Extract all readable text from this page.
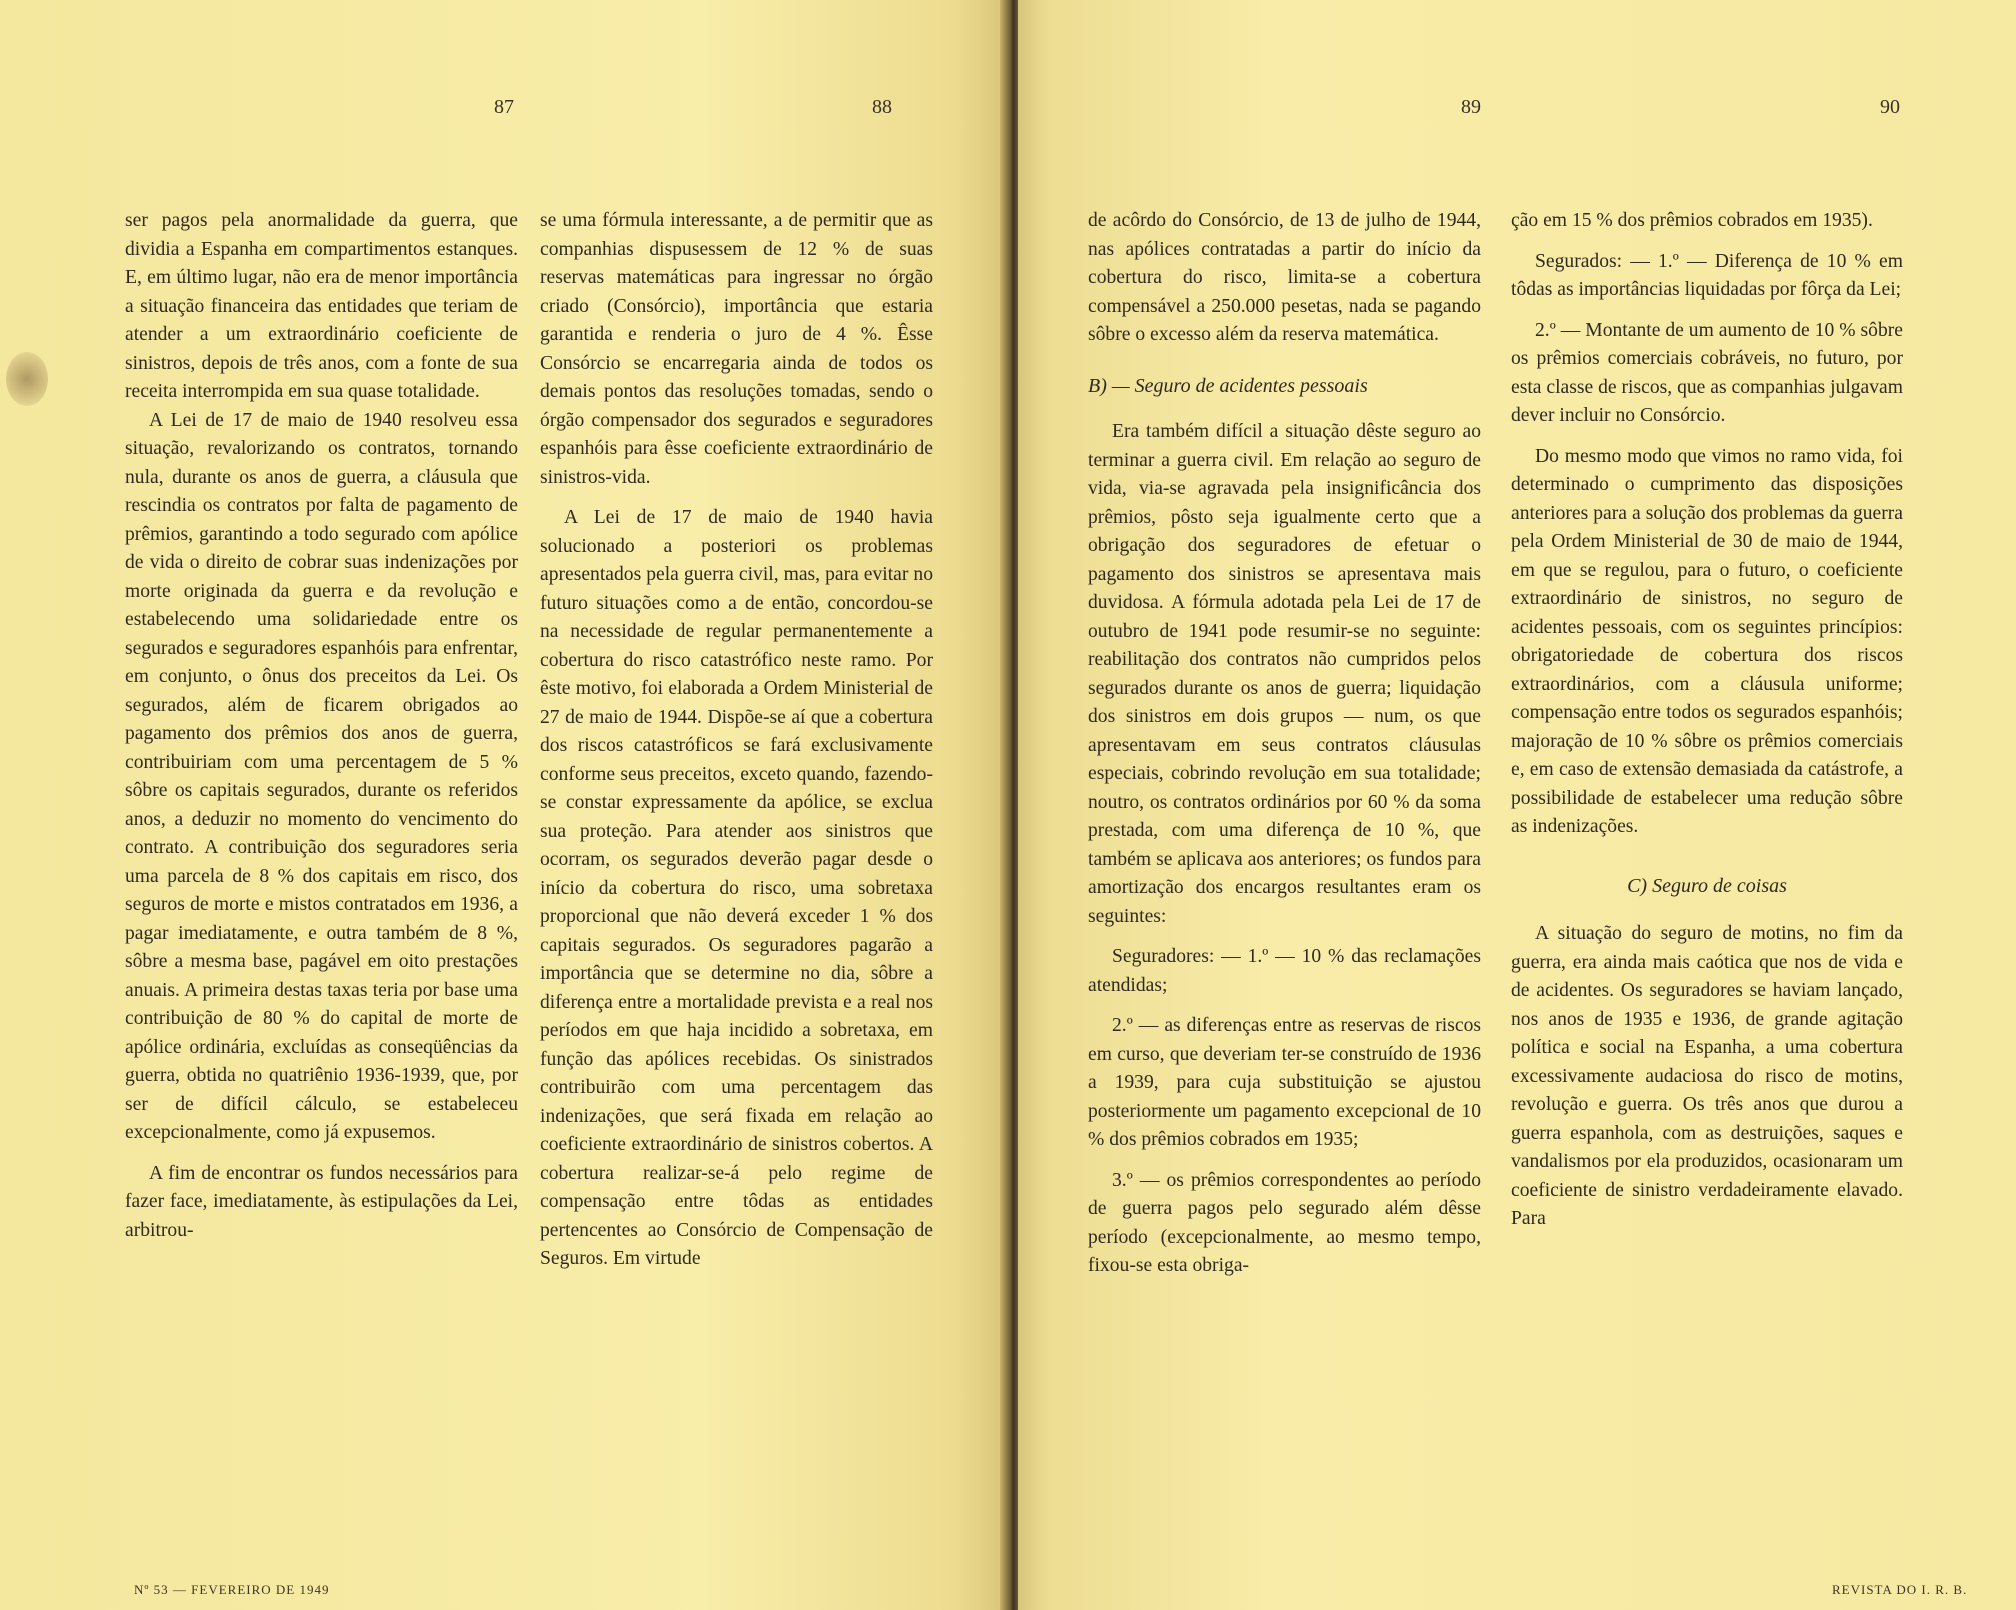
87	88

ser pagos pela anormalidade da guerra, que dividia a Espanha em compartimentos estanques. E, em último lugar, não era de menor importância a situação financeira das entidades que teriam de atender a um extraordinário coeficiente de sinistros, depois de três anos, com a fonte de sua receita interrompida em sua quase totalidade.

A Lei de 17 de maio de 1940 resolveu essa situação, revalorizando os contratos, tornando nula, durante os anos de guerra, a cláusula que rescindia os contratos por falta de pagamento de prêmios, garantindo a todo segurado com apólice de vida o direito de cobrar suas indenizações por morte originada da guerra e da revolução e estabelecendo uma solidariedade entre os segurados e seguradores espanhóis para enfrentar, em conjunto, o ônus dos preceitos da Lei. Os segurados, além de ficarem obrigados ao pagamento dos prêmios dos anos de guerra, contribuiriam com uma percentagem de 5 % sôbre os capitais segurados, durante os referidos anos, a deduzir no momento do vencimento do contrato. A contribuição dos seguradores seria uma parcela de 8 % dos capitais em risco, dos seguros de morte e mistos contratados em 1936, a pagar imediatamente, e outra também de 8 %, sôbre a mesma base, pagável em oito prestações anuais. A primeira destas taxas teria por base uma contribuição de 80 % do capital de morte de apólice ordinária, excluídas as conseqüências da guerra, obtida no quatriênio 1936-1939, que, por ser de difícil cálculo, se estabeleceu excepcionalmente, como já expusemos.

A fim de encontrar os fundos necessários para fazer face, imediatamente, às estipulações da Lei, arbitrou-

se uma fórmula interessante, a de permitir que as companhias dispusessem de 12 % de suas reservas matemáticas para ingressar no órgão criado (Consórcio), importância que estaria garantida e renderia o juro de 4 %. Êsse Consórcio se encarregaria ainda de todos os demais pontos das resoluções tomadas, sendo o órgão compensador dos segurados e seguradores espanhóis para êsse coeficiente extraordinário de sinistros-vida.

A Lei de 17 de maio de 1940 havia solucionado a posteriori os problemas apresentados pela guerra civil, mas, para evitar no futuro situações como a de então, concordou-se na necessidade de regular permanentemente a cobertura do risco catastrófico neste ramo. Por êste motivo, foi elaborada a Ordem Ministerial de 27 de maio de 1944. Dispõe-se aí que a cobertura dos riscos catastróficos se fará exclusivamente conforme seus preceitos, exceto quando, fazendo-se constar expressamente da apólice, se exclua sua proteção. Para atender aos sinistros que ocorram, os segurados deverão pagar desde o início da cobertura do risco, uma sobretaxa proporcional que não deverá exceder 1 % dos capitais segurados. Os seguradores pagarão a importância que se determine no dia, sôbre a diferença entre a mortalidade prevista e a real nos períodos em que haja incidido a sobretaxa, em função das apólices recebidas. Os sinistrados contribuirão com uma percentagem das indenizações, que será fixada em relação ao coeficiente extraordinário de sinistros cobertos. A cobertura realizar-se-á pelo regime de compensação entre tôdas as entidades pertencentes ao Consórcio de Compensação de Seguros. Em virtude

Nº 53 — FEVEREIRO DE 1949
89	90

de acôrdo do Consórcio, de 13 de julho de 1944, nas apólices contratadas a partir do início da cobertura do risco, limita-se a cobertura compensável a 250.000 pesetas, nada se pagando sôbre o excesso além da reserva matemática.

B) — Seguro de acidentes pessoais

Era também difícil a situação dêste seguro ao terminar a guerra civil. Em relação ao seguro de vida, via-se agravada pela insignificância dos prêmios, pôsto seja igualmente certo que a obrigação dos seguradores de efetuar o pagamento dos sinistros se apresentava mais duvidosa. A fórmula adotada pela Lei de 17 de outubro de 1941 pode resumir-se no seguinte: reabilitação dos contratos não cumpridos pelos segurados durante os anos de guerra; liquidação dos sinistros em dois grupos — num, os que apresentavam em seus contratos cláusulas especiais, cobrindo revolução em sua totalidade; noutro, os contratos ordinários por 60 % da soma prestada, com uma diferença de 10 %, que também se aplicava aos anteriores; os fundos para amortização dos encargos resultantes eram os seguintes:

Seguradores: — 1.º — 10 % das reclamações atendidas;

2.º — as diferenças entre as reservas de riscos em curso, que deveriam ter-se construído de 1936 a 1939, para cuja substituição se ajustou posteriormente um pagamento excepcional de 10 % dos prêmios cobrados em 1935;

3.º — os prêmios correspondentes ao período de guerra pagos pelo segurado além dêsse período (excepcionalmente, ao mesmo tempo, fixou-se esta obriga-

ção em 15 % dos prêmios cobrados em 1935).

Segurados: — 1.º — Diferença de 10 % em tôdas as importâncias liquidadas por fôrça da Lei;

2.º — Montante de um aumento de 10 % sôbre os prêmios comerciais cobráveis, no futuro, por esta classe de riscos, que as companhias julgavam dever incluir no Consórcio.

Do mesmo modo que vimos no ramo vida, foi determinado o cumprimento das disposições anteriores para a solução dos problemas da guerra pela Ordem Ministerial de 30 de maio de 1944, em que se regulou, para o futuro, o coeficiente extraordinário de sinistros, no seguro de acidentes pessoais, com os seguintes princípios: obrigatoriedade de cobertura dos riscos extraordinários, com a cláusula uniforme; compensação entre todos os segurados espanhóis; majoração de 10 % sôbre os prêmios comerciais e, em caso de extensão demasiada da catástrofe, a possibilidade de estabelecer uma redução sôbre as indenizações.

C) Seguro de coisas

A situação do seguro de motins, no fim da guerra, era ainda mais caótica que nos de vida e de acidentes. Os seguradores se haviam lançado, nos anos de 1935 e 1936, de grande agitação política e social na Espanha, a uma cobertura excessivamente audaciosa do risco de motins, revolução e guerra. Os três anos que durou a guerra espanhola, com as destruições, saques e vandalismos por ela produzidos, ocasionaram um coeficiente de sinistro verdadeiramente elavado. Para

REVISTA DO I. R. B.
